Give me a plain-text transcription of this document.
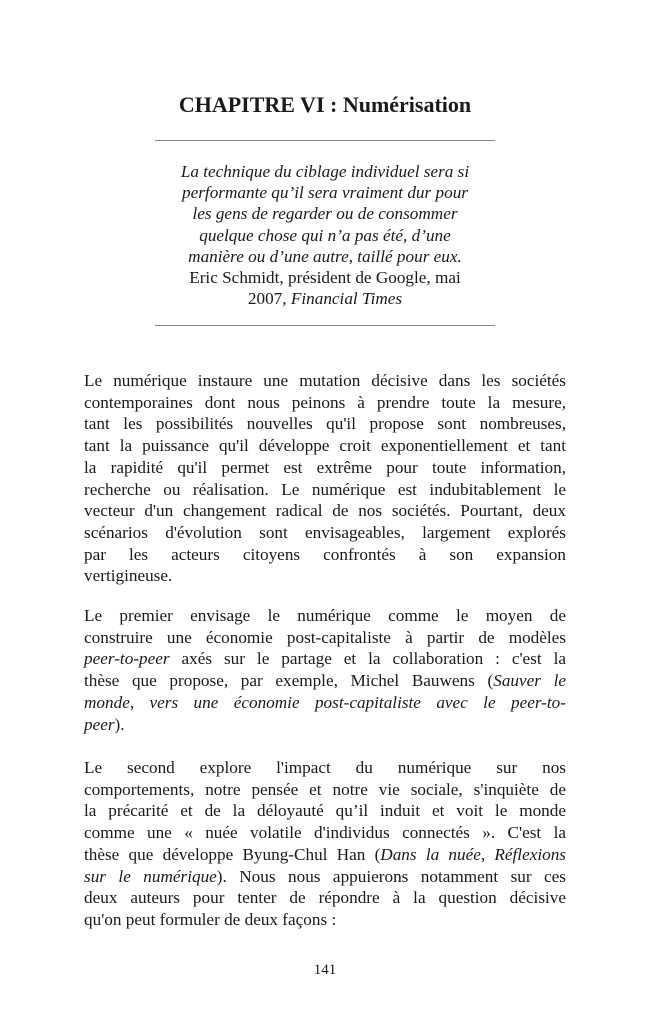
CHAPITRE VI : Numérisation
La technique du ciblage individuel sera si
performante qu’il sera vraiment dur pour
les gens de regarder ou de consommer
quelque chose qui n’a pas été, d’une
manière ou d’une autre, taillé pour eux.
Eric Schmidt, président de Google, mai
2007, Financial Times
Le numérique instaure une mutation décisive dans les sociétés
contemporaines dont nous peinons à prendre toute la mesure,
tant les possibilités nouvelles qu'il propose sont nombreuses,
tant la puissance qu'il développe croit exponentiellement et tant
la rapidité qu'il permet est extrême pour toute information,
recherche ou réalisation. Le numérique est indubitablement le
vecteur d'un changement radical de nos sociétés. Pourtant, deux
scénarios d'évolution sont envisageables, largement explorés
par les acteurs citoyens confrontés à son expansion
vertigineuse.
Le premier envisage le numérique comme le moyen de
construire une économie post-capitaliste à partir de modèles
peer-to-peer axés sur le partage et la collaboration : c'est la
thèse que propose, par exemple, Michel Bauwens (Sauver le
monde, vers une économie post-capitaliste avec le peer-to-
peer).
Le second explore l'impact du numérique sur nos
comportements, notre pensée et notre vie sociale, s'inquiète de
la précarité et de la déloyauté qu’il induit et voit le monde
comme une « nuée volatile d'individus connectés ». C'est la
thèse que développe Byung-Chul Han (Dans la nuée, Réflexions
sur le numérique). Nous nous appuierons notamment sur ces
deux auteurs pour tenter de répondre à la question décisive
qu'on peut formuler de deux façons :
141
